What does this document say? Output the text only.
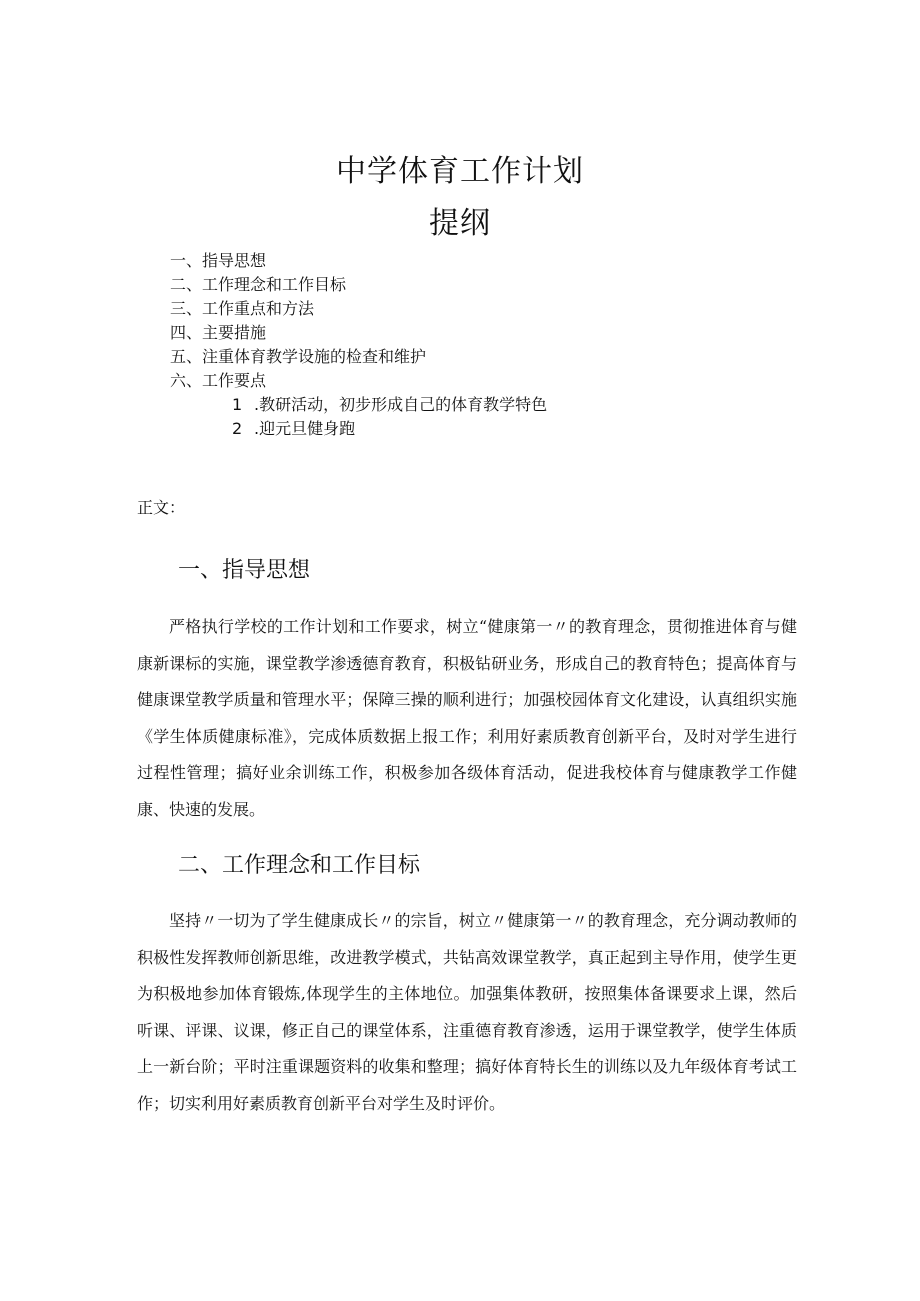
中学体育工作计划
提纲
一、指导思想
二、工作理念和工作目标
三、工作重点和方法
四、主要措施
五、注重体育教学设施的检查和维护
六、工作要点
1 .教研活动，初步形成自己的体育教学特色
2 .迎元旦健身跑
正文：
一、指导思想
严格执行学校的工作计划和工作要求，树立“健康第一〃的教育理念，贯彻推进体育与健康新课标的实施，课堂教学渗透德育教育，积极钻研业务，形成自己的教育特色；提高体育与健康课堂教学质量和管理水平；保障三操的顺利进行；加强校园体育文化建设，认真组织实施《学生体质健康标准》，完成体质数据上报工作；利用好素质教育创新平台，及时对学生进行过程性管理；搞好业余训练工作，积极参加各级体育活动，促进我校体育与健康教学工作健康、快速的发展。
二、工作理念和工作目标
坚持〃一切为了学生健康成长〃的宗旨，树立〃健康第一〃的教育理念，充分调动教师的积极性发挥教师创新思维，改进教学模式，共钻高效课堂教学，真正起到主导作用，使学生更为积极地参加体育锻炼,体现学生的主体地位。加强集体教研，按照集体备课要求上课，然后听课、评课、议课，修正自己的课堂体系，注重德育教育渗透，运用于课堂教学，使学生体质上一新台阶；平时注重课题资料的收集和整理；搞好体育特长生的训练以及九年级体育考试工作；切实利用好素质教育创新平台对学生及时评价。
